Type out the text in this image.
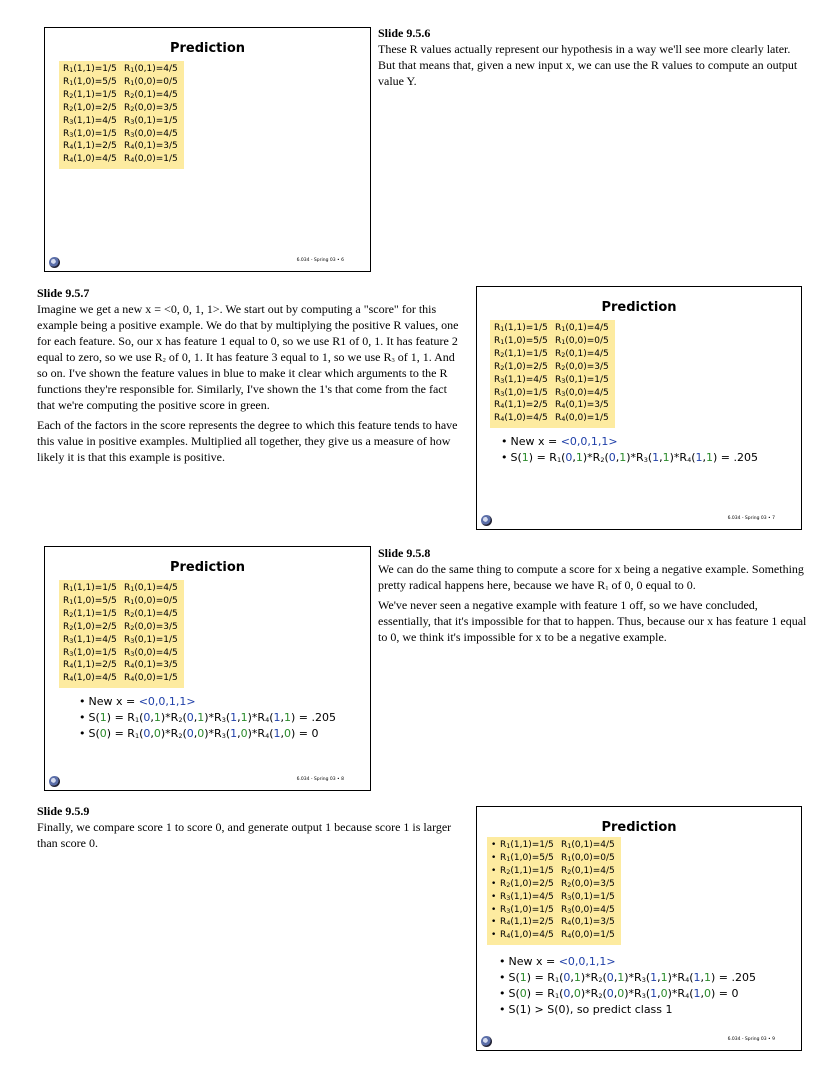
Prediction
$R_1(1,1)=1/5$ $R_1(0,1)=4/5$
$R_1(1,0)=5/5$ $R_1(0,0)=0/5$
$R_2(1,1)=1/5$ $R_2(0,1)=4/5$
$R_2(1,0)=2/5$ $R_2(0,0)=3/5$
$R_3(1,1)=4/5$ $R_3(0,1)=1/5$
$R_3(1,0)=1/5$ $R_3(0,0)=4/5$
$R_4(1,1)=2/5$ $R_4(0,1)=3/5$
$R_4(1,0)=4/5$ $R_4(0,0)=1/5$
6.034 - Spring 03 • 6
Slide 9.5.6
These R values actually represent our hypothesis in a way we'll see more clearly later. But that means that, given a new input x, we can use the R values to compute an output value Y.
Slide 9.5.7

Imagine we get a new x = <0, 0, 1, 1>. We start out by computing a "score" for this example being a positive example. We do that by multiplying the positive R values, one for each feature. So, our x has feature 1 equal to 0, so we use R1 of 0, 1. It has feature 2 equal to zero, so we use $R_2$ of 0, 1. It has feature 3 equal to 1, so we use $R_3$ of 1, 1. And so on. I've shown the feature values in blue to make it clear which arguments to the R functions they're responsible for. Similarly, I've shown the 1's that come from the fact that we're computing the positive score in green.

Each of the factors in the score represents the degree to which this feature tends to have this value in positive examples. Multiplied all together, they give us a measure of how likely it is that this example is positive.

Prediction
$R_1(1,1)=1/5$ $R_1(0,1)=4/5$
$R_1(1,0)=5/5$ $R_1(0,0)=0/5$
$R_2(1,1)=1/5$ $R_2(0,1)=4/5$
$R_2(1,0)=2/5$ $R_2(0,0)=3/5$
$R_3(1,1)=4/5$ $R_3(0,1)=1/5$
$R_3(1,0)=1/5$ $R_3(0,0)=4/5$
$R_4(1,1)=2/5$ $R_4(0,1)=3/5$
$R_4(1,0)=4/5$ $R_4(0,0)=1/5$
• New x = <0,0,1,1>
• $S(1) = R_1(0,1)*R_2(0,1)*R_3(1,1)*R_4(1,1) = .205$
6.034 - Spring 03 • 7
Prediction
$R_1(1,1)=1/5$ $R_1(0,1)=4/5$
$R_1(1,0)=5/5$ $R_1(0,0)=0/5$
$R_2(1,1)=1/5$ $R_2(0,1)=4/5$
$R_2(1,0)=2/5$ $R_2(0,0)=3/5$
$R_3(1,1)=4/5$ $R_3(0,1)=1/5$
$R_3(1,0)=1/5$ $R_3(0,0)=4/5$
$R_4(1,1)=2/5$ $R_4(0,1)=3/5$
$R_4(1,0)=4/5$ $R_4(0,0)=1/5$
• New x = <0,0,1,1>
• $S(1) = R_1(0,1)*R_2(0,1)*R_3(1,1)*R_4(1,1) = .205$
• $S(0) = R_1(0,0)*R_2(0,0)*R_3(1,0)*R_4(1,0) = 0$
6.034 - Spring 03 • 8
Slide 9.5.8

We can do the same thing to compute a score for x being a negative example. Something pretty radical happens here, because we have $R_1$ of 0, 0 equal to 0.

We've never seen a negative example with feature 1 off, so we have concluded, essentially, that it's impossible for that to happen. Thus, because our x has feature 1 equal to 0, we think it's impossible for x to be a negative example.

Slide 9.5.9
Finally, we compare score 1 to score 0, and generate output 1 because score 1 is larger than score 0.
Prediction
• $R_1(1,1)=1/5$ $R_1(0,1)=4/5$
• $R_1(1,0)=5/5$ $R_1(0,0)=0/5$
• $R_2(1,1)=1/5$ $R_2(0,1)=4/5$
• $R_2(1,0)=2/5$ $R_2(0,0)=3/5$
• $R_3(1,1)=4/5$ $R_3(0,1)=1/5$
• $R_3(1,0)=1/5$ $R_3(0,0)=4/5$
• $R_4(1,1)=2/5$ $R_4(0,1)=3/5$
• $R_4(1,0)=4/5$ $R_4(0,0)=1/5$
• New x = <0,0,1,1>
• $S(1) = R_1(0,1)*R_2(0,1)*R_3(1,1)*R_4(1,1) = .205$
• $S(0) = R_1(0,0)*R_2(0,0)*R_3(1,0)*R_4(1,0) = 0$
• S(1) > S(0), so predict class 1
6.034 - Spring 03 • 9
